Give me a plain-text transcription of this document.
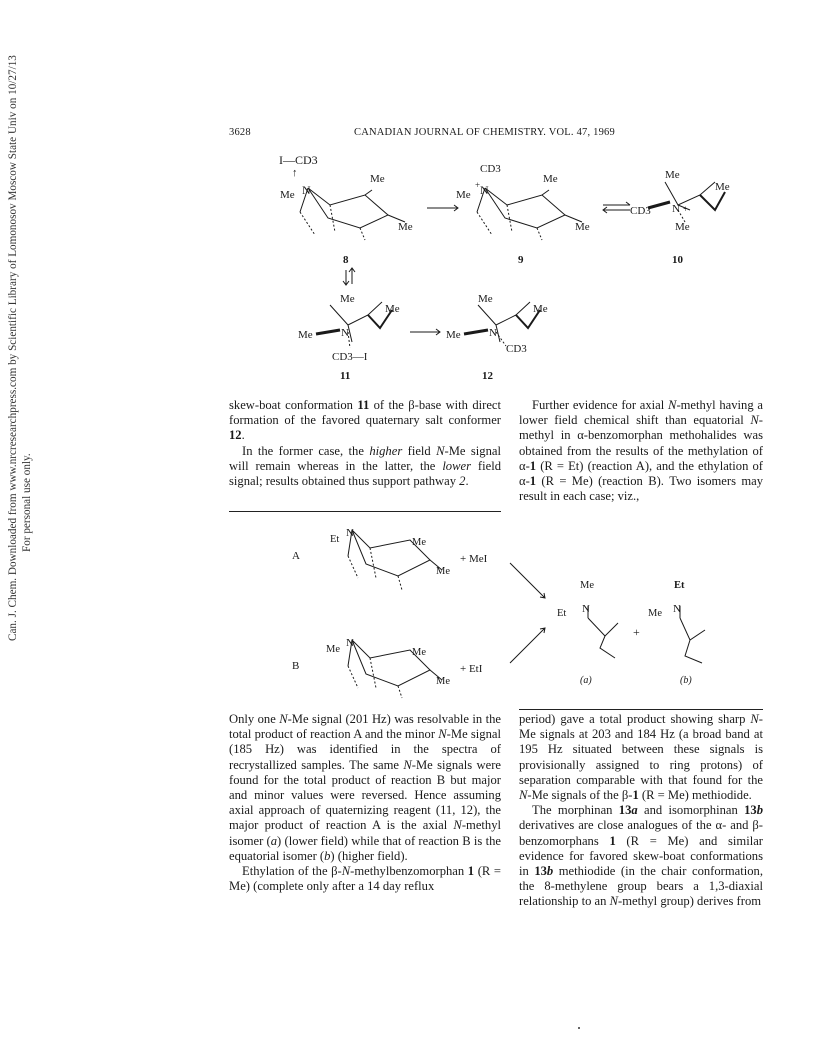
Can. J. Chem. Downloaded from www.nrcresearchpress.com by Scientific Library of Lomonosov Moscow State Univ on 10/27/13 For personal use only.
3628	CANADIAN JOURNAL OF CHEMISTRY. VOL. 47, 1969
I—CD3
↑
Me N
Me
Me
CD3
Me
+ N
Me
Me
Me
Me
CD3 N +
Me
Me
Me
Me	N
CD3—I
Me
Me
Me	N
CD3
8	9	10
11	12

skew-boat conformation 11 of the β-base with direct formation of the favored quaternary salt conformer 12.

In the former case, the higher field N-Me signal will remain whereas in the latter, the lower field signal; results obtained thus support pathway 2.

Further evidence for axial N-methyl having a lower field chemical shift than equatorial N-methyl in α-benzomorphan methohalides was obtained from the results of the methylation of α-1 (R = Et) (reaction A), and the ethylation of α-1 (R = Me) (reaction B). Two isomers may result in each case; viz.,

A
B
Et
N
Me
Me
+ MeI
Me
N
Me
Me
+ EtI
Me
Et N
+
Et
Me N
(a)	(b)

Only one N-Me signal (201 Hz) was resolvable in the total product of reaction A and the minor N-Me signal (185 Hz) was identified in the spectra of recrystallized samples. The same N-Me signals were found for the total product of reaction B but major and minor values were reversed. Hence assuming axial approach of quaternizing reagent (11, 12), the major product of reaction A is the axial N-methyl isomer (a) (lower field) while that of reaction B is the equatorial isomer (b) (higher field).

Ethylation of the β-N-methylbenzomorphan 1 (R = Me) (complete only after a 14 day reflux

period) gave a total product showing sharp N-Me signals at 203 and 184 Hz (a broad band at 195 Hz situated between these signals is provisionally assigned to ring protons) of separation comparable with that found for the N-Me signals of the β-1 (R = Me) methiodide.

The morphinan 13a and isomorphinan 13b derivatives are close analogues of the α- and β-benzomorphans 1 (R = Me) and similar evidence for favored skew-boat conformations in 13b methiodide (in the chair conformation, the 8-methylene group bears a 1,3-diaxial relationship to an N-methyl group) derives from
